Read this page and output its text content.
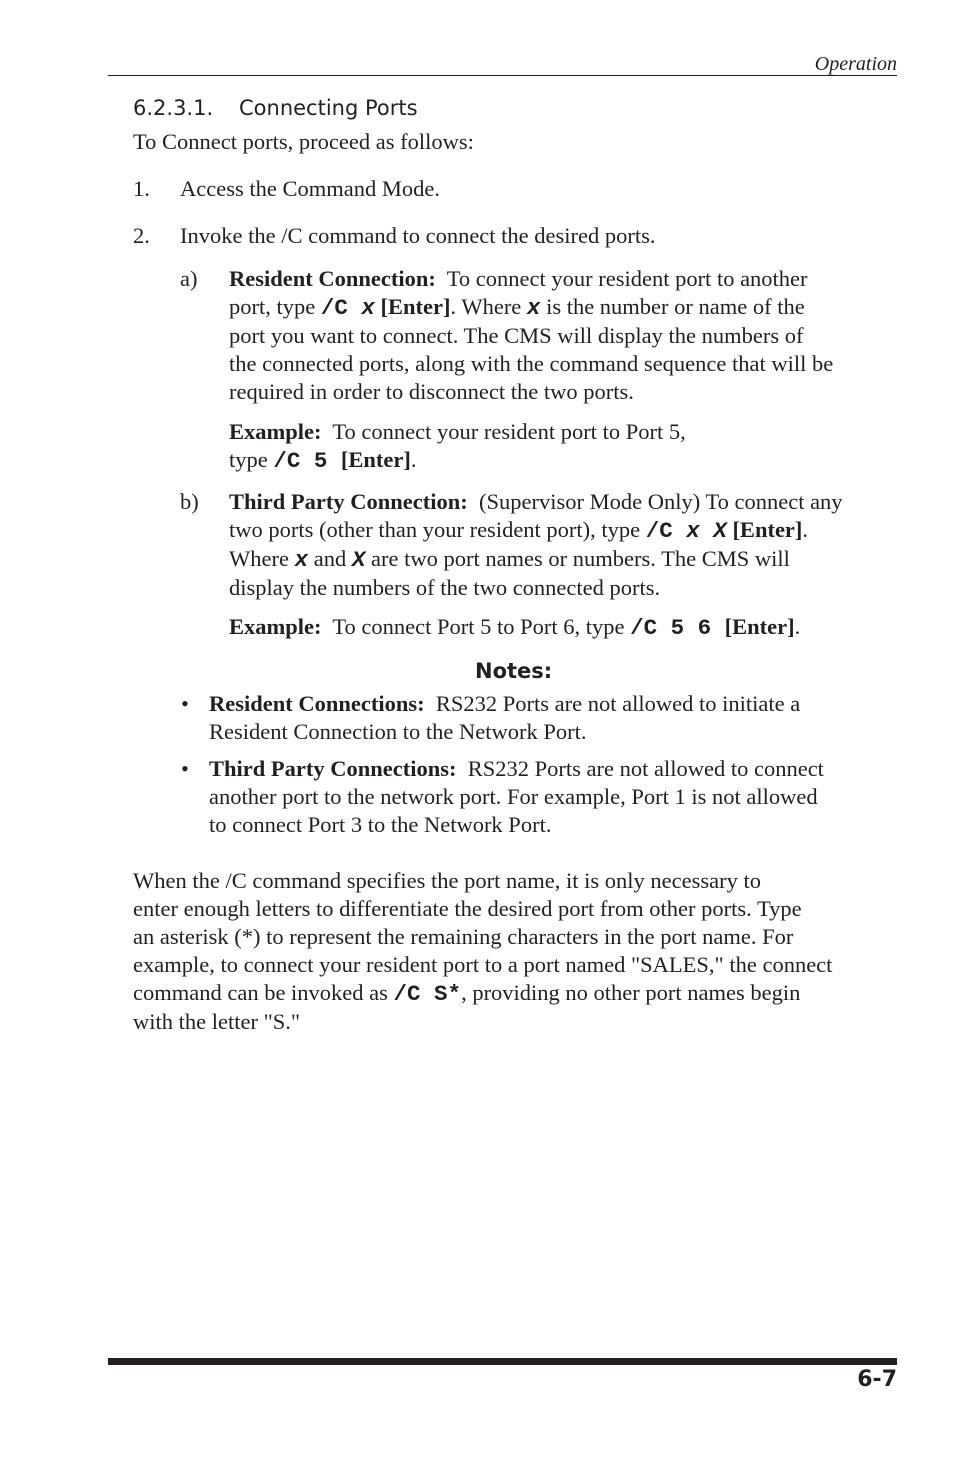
Operation
6.2.3.1. Connecting Ports
To Connect ports, proceed as follows:
1. Access the Command Mode.
2. Invoke the /C command to connect the desired ports.
a) Resident Connection: To connect your resident port to another
port, type /C x [Enter]. Where x is the number or name of the
port you want to connect. The CMS will display the numbers of
the connected ports, along with the command sequence that will be
required in order to disconnect the two ports.
Example: To connect your resident port to Port 5,
type /C 5 [Enter].
b) Third Party Connection: (Supervisor Mode Only) To connect any
two ports (other than your resident port), type /C x X [Enter].
Where x and X are two port names or numbers. The CMS will
display the numbers of the two connected ports.
Example: To connect Port 5 to Port 6, type /C 5 6 [Enter].
Notes:
• Resident Connections: RS232 Ports are not allowed to initiate a
Resident Connection to the Network Port.
• Third Party Connections: RS232 Ports are not allowed to connect
another port to the network port. For example, Port 1 is not allowed
to connect Port 3 to the Network Port.
When the /C command specifies the port name, it is only necessary to
enter enough letters to differentiate the desired port from other ports. Type
an asterisk (*) to represent the remaining characters in the port name. For
example, to connect your resident port to a port named "SALES," the connect
command can be invoked as /C S*, providing no other port names begin
with the letter "S."
6-7
